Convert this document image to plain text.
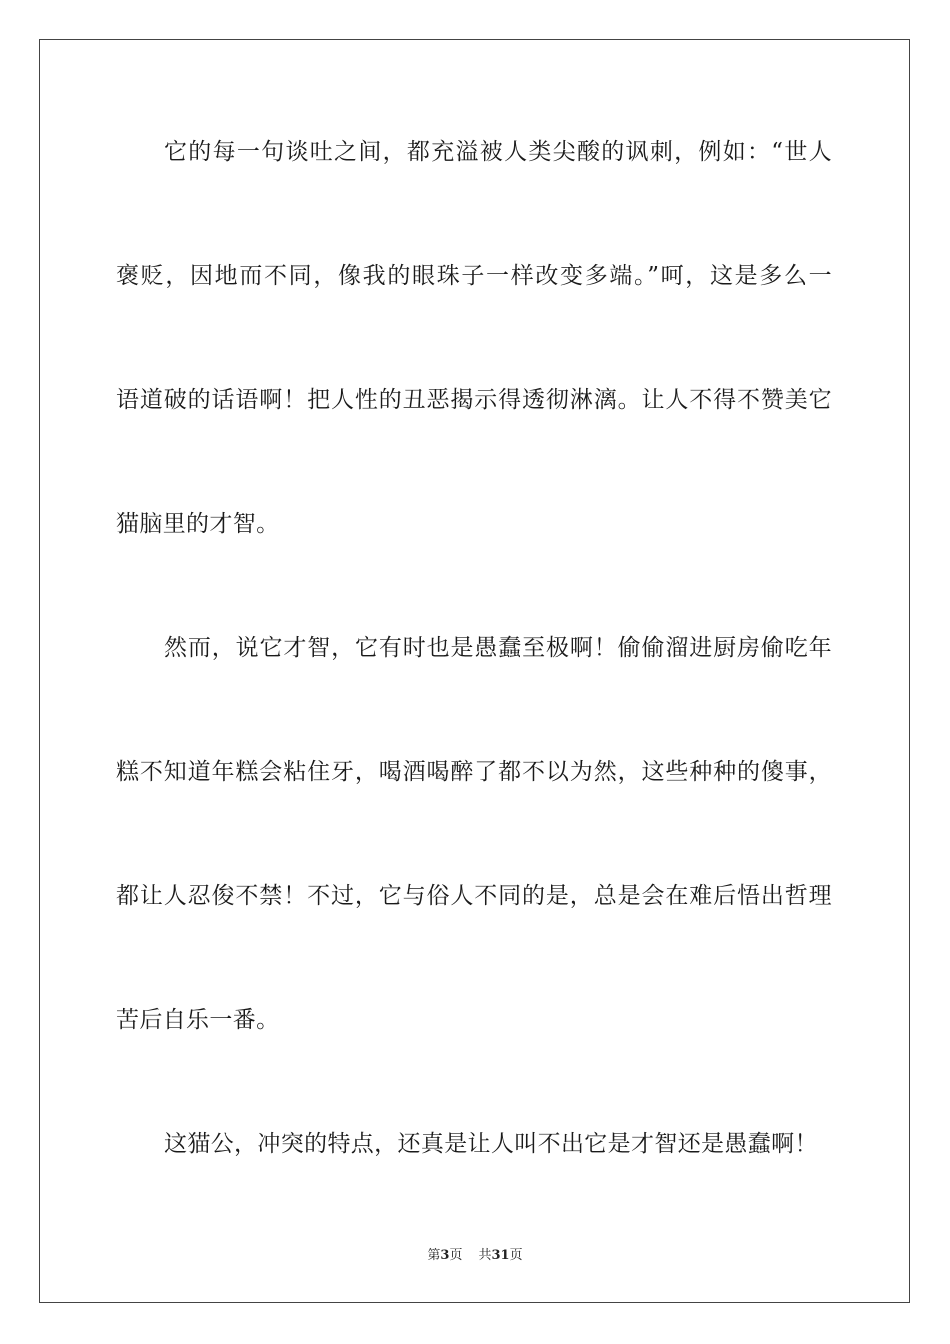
它的每一句谈吐之间，都充溢被人类尖酸的讽刺，例如：“世人
褒贬，因地而不同，像我的眼珠子一样改变多端。”呵，这是多么一
语道破的话语啊！把人性的丑恶揭示得透彻淋漓。让人不得不赞美它
猫脑里的才智。
然而，说它才智，它有时也是愚蠢至极啊！偷偷溜进厨房偷吃年
糕不知道年糕会粘住牙，喝酒喝醉了都不以为然，这些种种的傻事，
都让人忍俊不禁！不过，它与俗人不同的是，总是会在难后悟出哲理
苦后自乐一番。
这猫公，冲突的特点，还真是让人叫不出它是才智还是愚蠢啊！
第3页 共31页
